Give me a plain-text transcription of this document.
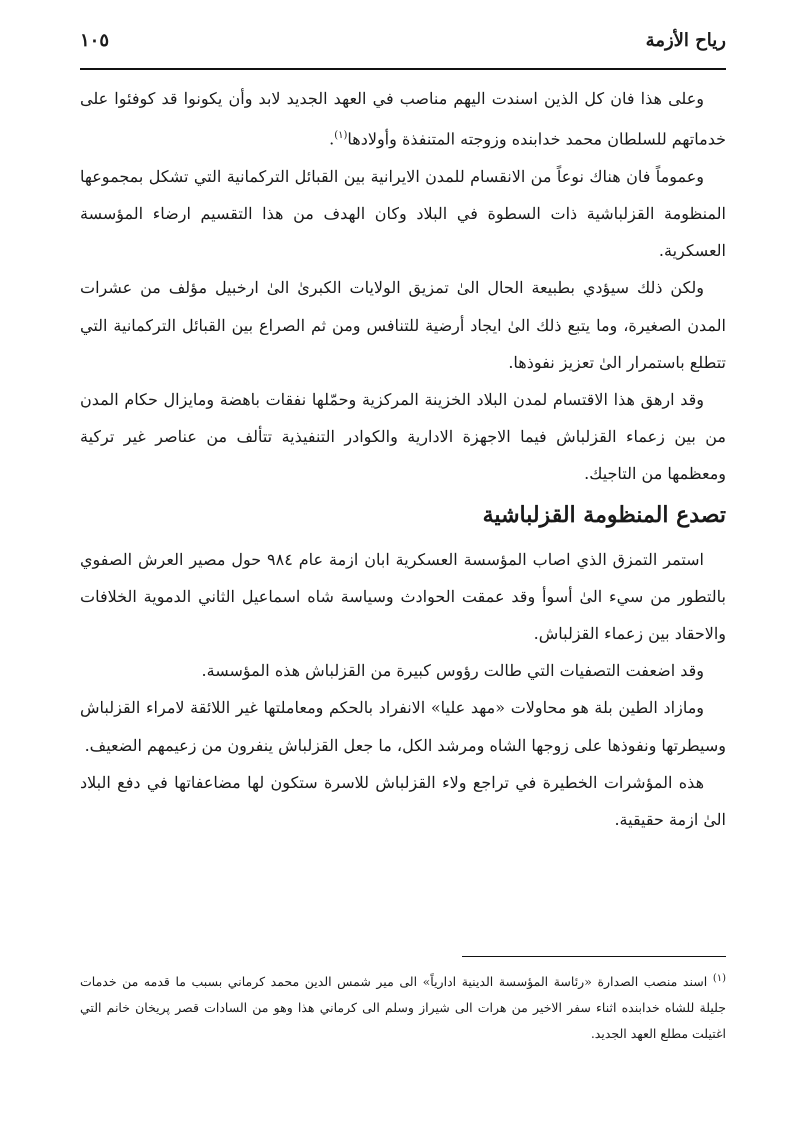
رياح الأزمة
١٠٥

وعلى هذا فان كل الذين اسندت اليهم مناصب في العهد الجديد لابد وأن يكونوا قد كوفئوا على خدماتهم للسلطان محمد خدابنده وزوجته المتنفذة وأولادها$^{(١)}$.

وعموماً فان هناك نوعاً من الانقسام للمدن الايرانية بين القبائل التركمانية التي تشكل بمجموعها المنظومة القزلباشية ذات السطوة في البلاد وكان الهدف من هذا التقسيم ارضاء المؤسسة العسكرية.

ولكن ذلك سيؤدي بطبيعة الحال الىٰ تمزيق الولايات الكبرىٰ الىٰ ارخبيل مؤلف من عشرات المدن الصغيرة، وما يتبع ذلك الىٰ ايجاد أرضية للتنافس ومن ثم الصراع بين القبائل التركمانية التي تتطلع باستمرار الىٰ تعزيز نفوذها.

وقد ارهق هذا الاقتسام لمدن البلاد الخزينة المركزية وحمّلها نفقات باهضة ومايزال حكام المدن من بين زعماء القزلباش فيما الاجهزة الادارية والكوادر التنفيذية تتألف من عناصر غير تركية ومعظمها من التاجيك.

تصدع المنظومة القزلباشية

استمر التمزق الذي اصاب المؤسسة العسكرية ابان ازمة عام ٩٨٤ حول مصير العرش الصفوي بالتطور من سيء الىٰ أسوأ وقد عمقت الحوادث وسياسة شاه اسماعيل الثاني الدموية الخلافات والاحقاد بين زعماء القزلباش.

وقد اضعفت التصفيات التي طالت رؤوس كبيرة من القزلباش هذه المؤسسة.

ومازاد الطين بلة هو محاولات «مهد عليا» الانفراد بالحكم ومعاملتها غير اللائقة لامراء القزلباش وسيطرتها ونفوذها على زوجها الشاه ومرشد الكل، ما جعل القزلباش ينفرون من زعيمهم الضعيف.

هذه المؤشرات الخطيرة في تراجع ولاء القزلباش للاسرة ستكون لها مضاعفاتها في دفع البلاد الىٰ ازمة حقيقية.

$^{(١)}$ اسند منصب الصدارة «رئاسة المؤسسة الدينية ادارياً» الى مير شمس الدين محمد كرماني بسبب ما قدمه من خدمات جليلة للشاه خدابنده اثناء سفر الاخير من هرات الى شيراز وسلم الى كرماني هذا وهو من السادات قصر پريخان خانم التي اغتيلت مطلع العهد الجديد.
